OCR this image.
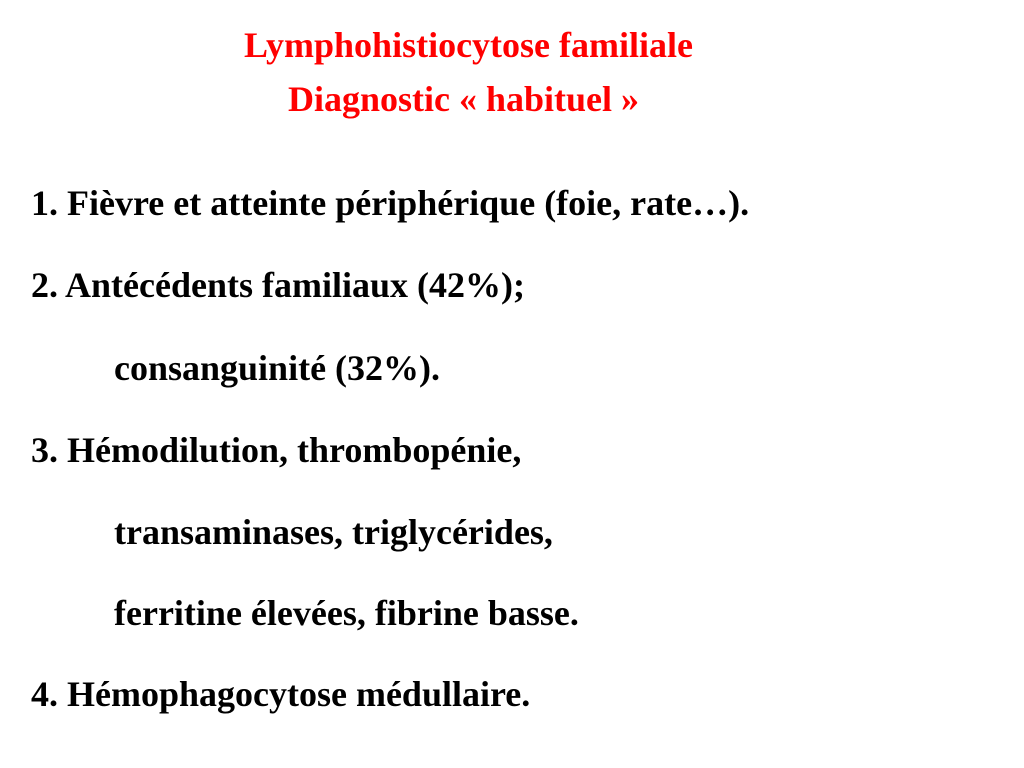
Lymphohistiocytose familiale
Diagnostic « habituel »
1. Fièvre et atteinte périphérique (foie, rate…).
2. Antécédents familiaux (42%);
consanguinité (32%).
3. Hémodilution, thrombopénie,
transaminases, triglycérides,
ferritine élevées, fibrine basse.
4. Hémophagocytose médullaire.
